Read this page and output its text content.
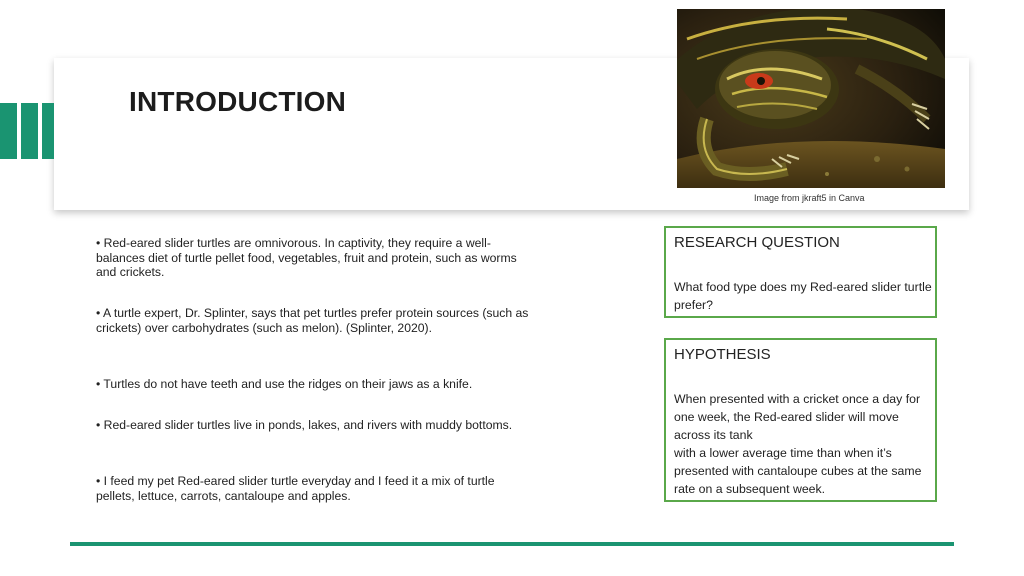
INTRODUCTION
Image from jkraft5 in Canva
• Red-eared slider turtles are omnivorous. In captivity, they require a well-balances diet of turtle pellet food, vegetables, fruit and protein, such as worms and crickets.
• A turtle expert, Dr. Splinter, says that pet turtles prefer protein sources (such as crickets) over carbohydrates (such as melon). (Splinter, 2020).
• Turtles do not have teeth and use the ridges on their jaws as a knife.
• Red-eared slider turtles live in ponds, lakes, and rivers with muddy bottoms.
• I feed my pet Red-eared slider turtle everyday and I feed it a mix of turtle pellets, lettuce, carrots, cantaloupe and apples.
RESEARCH QUESTION
What food type does my Red-eared slider turtle prefer?
HYPOTHESIS
When presented with a cricket once a day for one week, the Red-eared slider will move across its tank
with a lower average time than when it’s presented with cantaloupe cubes at the same rate on a subsequent week.
